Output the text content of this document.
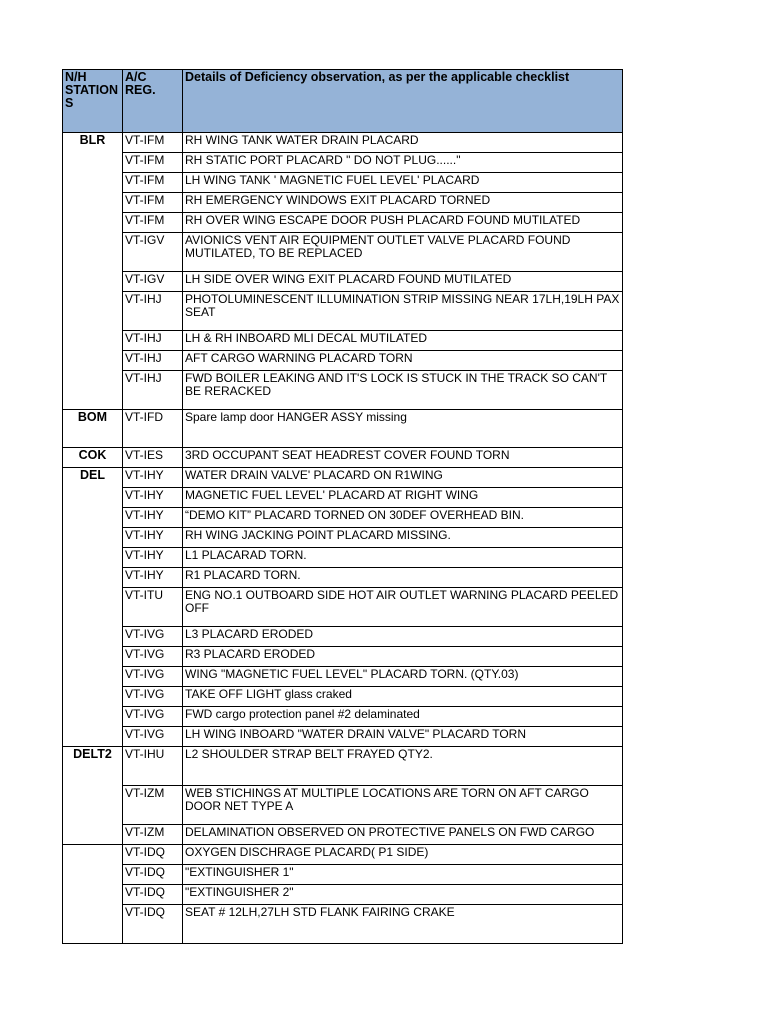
N/H STATION S	A/C REG.	Details of Deficiency observation, as per the applicable checklist
BLR	VT-IFM	RH WING TANK WATER DRAIN PLACARD
	VT-IFM	RH STATIC PORT PLACARD " DO NOT PLUG......"
	VT-IFM	LH WING TANK ' MAGNETIC FUEL LEVEL' PLACARD
	VT-IFM	RH EMERGENCY WINDOWS EXIT PLACARD TORNED
	VT-IFM	RH OVER WING ESCAPE DOOR PUSH PLACARD FOUND MUTILATED
	VT-IGV	AVIONICS VENT AIR EQUIPMENT OUTLET VALVE PLACARD FOUND MUTILATED, TO BE REPLACED
	VT-IGV	LH SIDE OVER WING EXIT PLACARD FOUND MUTILATED
	VT-IHJ	PHOTOLUMINESCENT ILLUMINATION STRIP MISSING NEAR 17LH,19LH PAX SEAT
	VT-IHJ	LH & RH INBOARD MLI DECAL MUTILATED
	VT-IHJ	AFT CARGO WARNING PLACARD TORN
	VT-IHJ	FWD BOILER LEAKING AND IT'S LOCK IS STUCK IN THE TRACK SO CAN'T BE RERACKED
BOM	VT-IFD	Spare lamp door HANGER ASSY missing
COK	VT-IES	3RD OCCUPANT SEAT HEADREST COVER FOUND TORN
DEL	VT-IHY	WATER DRAIN VALVE' PLACARD ON R1WING
	VT-IHY	MAGNETIC FUEL LEVEL' PLACARD AT RIGHT WING
	VT-IHY	“DEMO KIT” PLACARD TORNED ON 30DEF OVERHEAD BIN.
	VT-IHY	RH WING JACKING POINT PLACARD MISSING.
	VT-IHY	L1 PLACARAD TORN.
	VT-IHY	R1 PLACARD TORN.
	VT-ITU	ENG NO.1 OUTBOARD SIDE HOT AIR OUTLET WARNING PLACARD PEELED OFF
	VT-IVG	L3 PLACARD ERODED
	VT-IVG	R3 PLACARD ERODED
	VT-IVG	WING "MAGNETIC FUEL LEVEL" PLACARD TORN. (QTY.03)
	VT-IVG	TAKE OFF LIGHT glass craked
	VT-IVG	FWD cargo protection panel #2 delaminated
	VT-IVG	LH WING INBOARD "WATER DRAIN VALVE" PLACARD TORN
DELT2	VT-IHU	L2 SHOULDER STRAP BELT FRAYED QTY2.
	VT-IZM	WEB STICHINGS AT MULTIPLE LOCATIONS ARE TORN ON AFT CARGO DOOR NET TYPE A
	VT-IZM	DELAMINATION OBSERVED ON PROTECTIVE PANELS ON FWD CARGO
	VT-IDQ	OXYGEN DISCHRAGE PLACARD( P1 SIDE)
	VT-IDQ	"EXTINGUISHER 1"
	VT-IDQ	"EXTINGUISHER 2"
	VT-IDQ	SEAT # 12LH,27LH STD FLANK FAIRING CRAKE
